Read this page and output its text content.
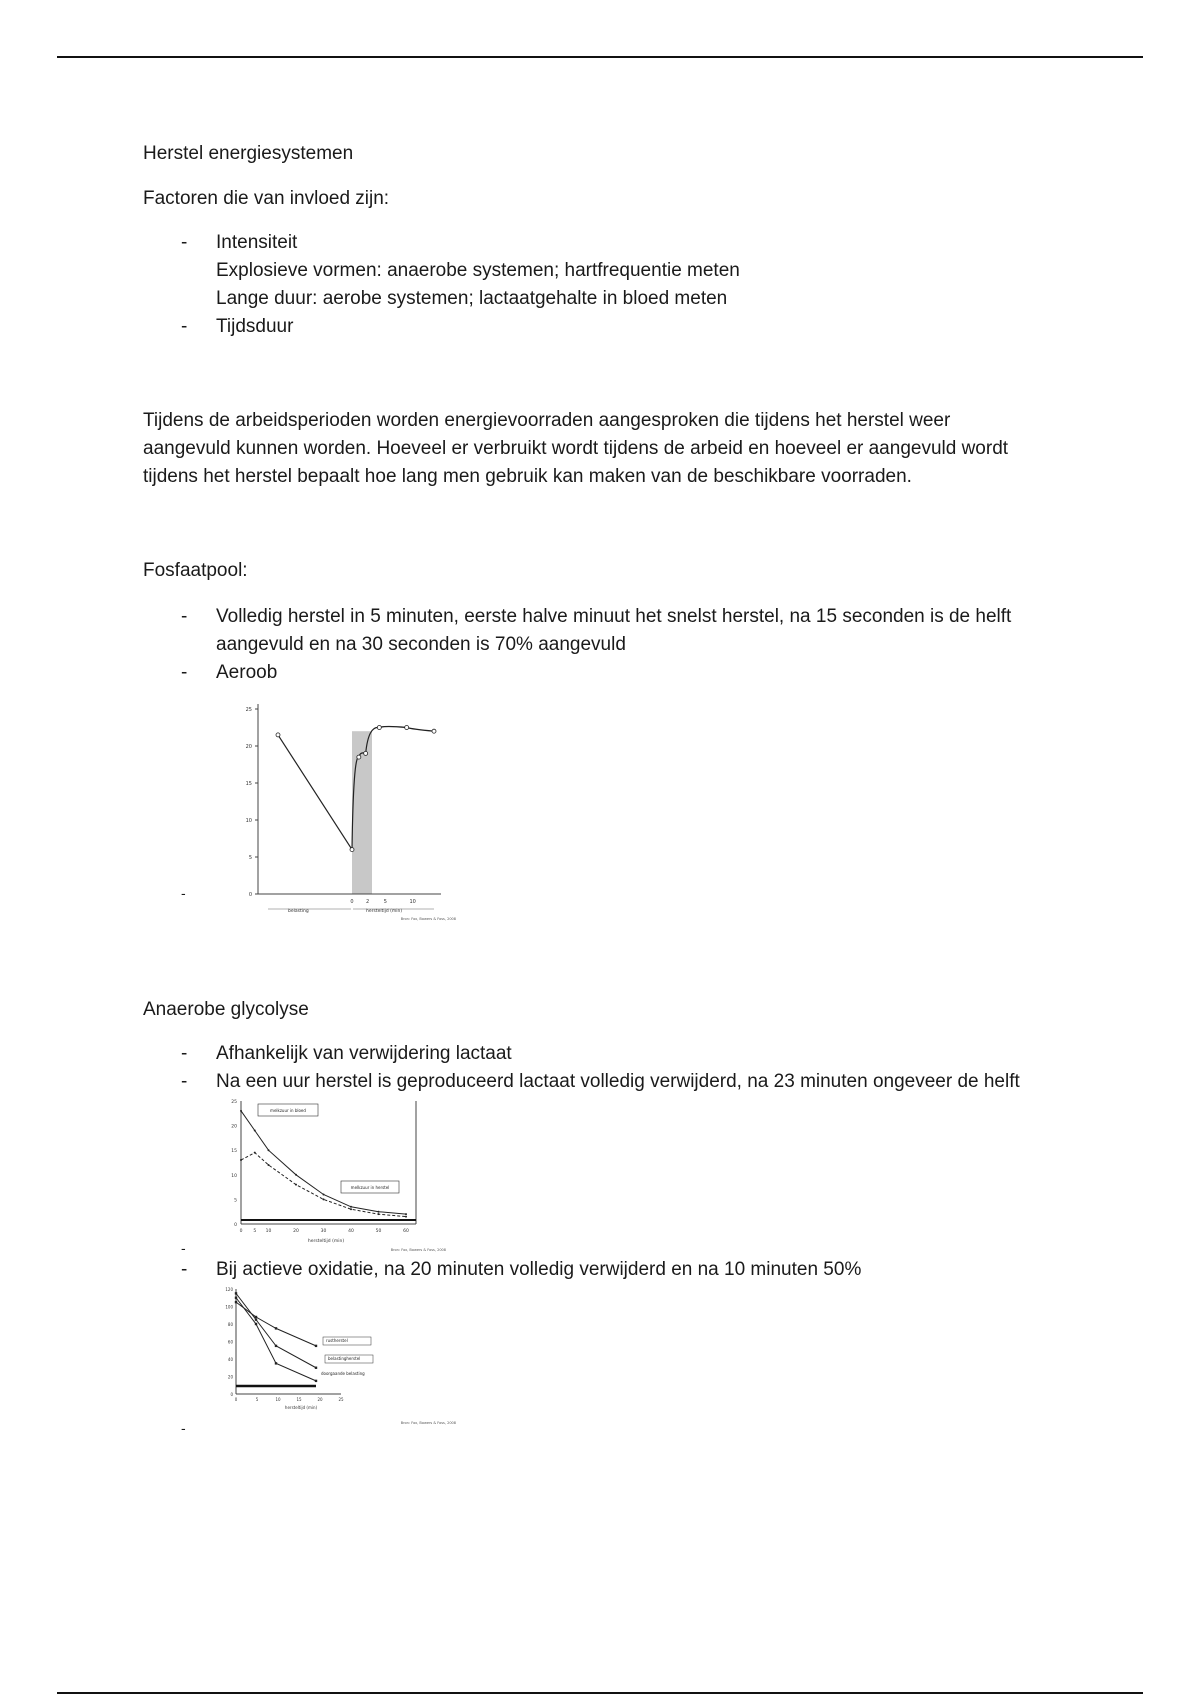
Herstel energiesystemen

Factoren die van invloed zijn:

- Intensiteit
Explosieve vormen: anaerobe systemen; hartfrequentie meten
Lange duur: aerobe systemen; lactaatgehalte in bloed meten
- Tijdsduur

Tijdens de arbeidsperioden worden energievoorraden aangesproken die tijdens het herstel weer aangevuld kunnen worden. Hoeveel er verbruikt wordt tijdens de arbeid en hoeveel er aangevuld wordt tijdens het herstel bepaalt hoe lang men gebruik kan maken van de beschikbare voorraden.

Fosfaatpool:

- Volledig herstel in 5 minuten, eerste halve minuut het snelst herstel, na 15 seconden is de helft aangevuld en na 30 seconden is 70% aangevuld
- Aeroob
-	0
5
10
15
20
25
0 2	5	10
belasting	hersteltijd (min)
Bron: Fox, Bowers & Foss, 2008

Anaerobe glycolyse

- Afhankelijk van verwijdering lactaat
- Na een uur herstel is geproduceerd lactaat volledig verwijderd, na 23 minuten ongeveer de helft
-
0
5
10
15
20
25
0 5 10	20	30	40	50	60
hersteltijd (min)
Bron: Fox, Bowers & Foss, 2008
melkzuur in bloed
melkzuur in herstel
- Bij actieve oxidatie, na 20 minuten volledig verwijderd en na 10 minuten 50%
-
0
20
40
60
80
100
120
0	5	10	15	20	25
hersteltijd (min)
Bron: Fox, Bowers & Foss, 2008
rustherstel
belastingherstel
doorgaande belasting
